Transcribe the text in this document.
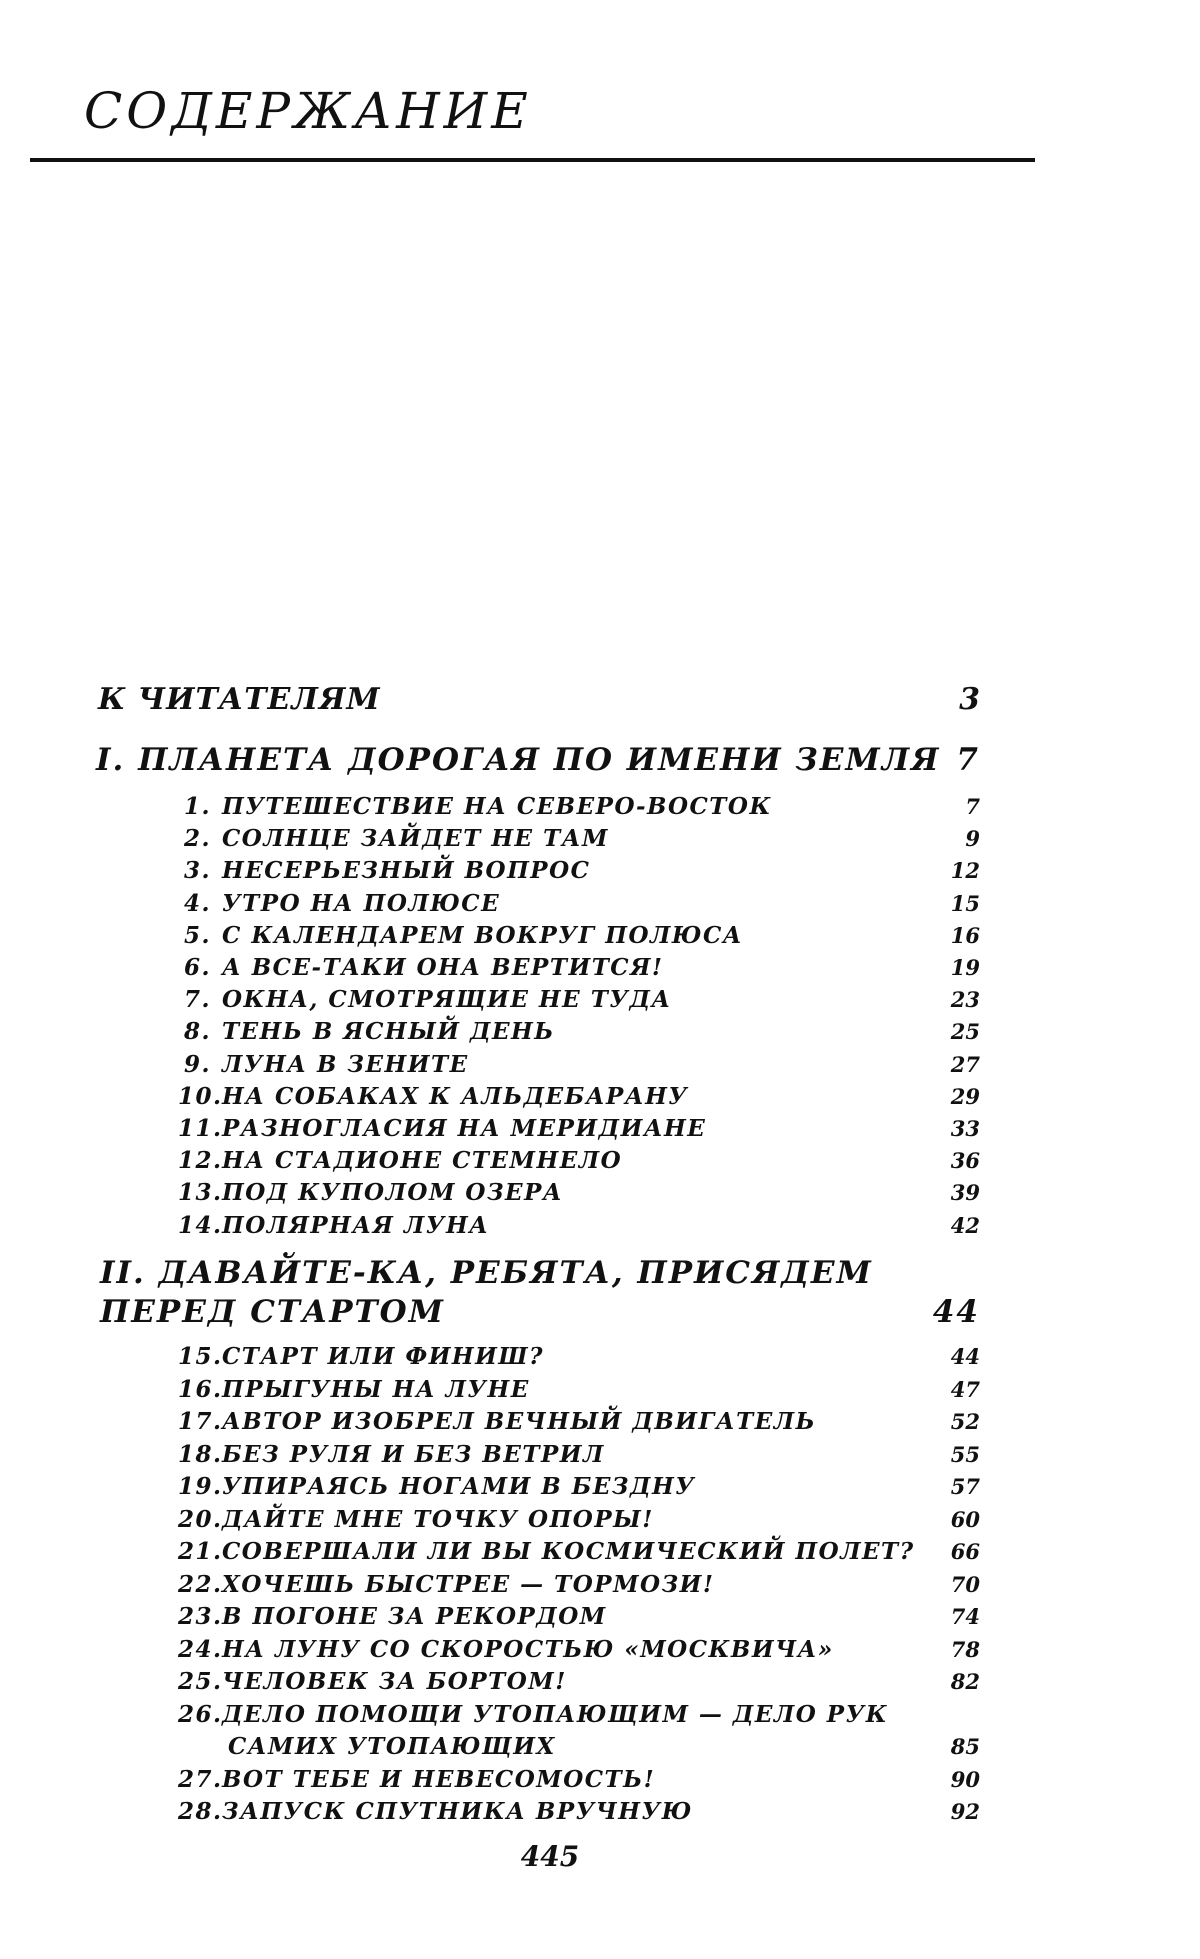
СОДЕРЖАНИЕ
К ЧИТАТЕЛЯМ	3
I. ПЛАНЕТА ДОРОГАЯ ПО ИМЕНИ ЗЕМЛЯ 7
1. ПУТЕШЕСТВИЕ НА СЕВЕРО-ВОСТОК	7
2. СОЛНЦЕ ЗАЙДЕТ НЕ ТАМ	9
3. НЕСЕРЬЕЗНЫЙ ВОПРОС	12
4. УТРО НА ПОЛЮСЕ	15
5. С КАЛЕНДАРЕМ ВОКРУГ ПОЛЮСА	16
6. А ВСЕ-ТАКИ ОНА ВЕРТИТСЯ!	19
7. ОКНА, СМОТРЯЩИЕ НЕ ТУДА	23
8. ТЕНЬ В ЯСНЫЙ ДЕНЬ	25
9. ЛУНА В ЗЕНИТЕ	27
10. НА СОБАКАХ К АЛЬДЕБАРАНУ	29
11. РАЗНОГЛАСИЯ НА МЕРИДИАНЕ	33
12. НА СТАДИОНЕ СТЕМНЕЛО	36
13. ПОД КУПОЛОМ ОЗЕРА	39
14. ПОЛЯРНАЯ ЛУНА	42
II. ДАВАЙТЕ-КА, РЕБЯТА, ПРИСЯДЕМ
ПЕРЕД СТАРТОМ	44
15. СТАРТ ИЛИ ФИНИШ?	44
16. ПРЫГУНЫ НА ЛУНЕ	47
17. АВТОР ИЗОБРЕЛ ВЕЧНЫЙ ДВИГАТЕЛЬ	52
18. БЕЗ РУЛЯ И БЕЗ ВЕТРИЛ	55
19. УПИРАЯСЬ НОГАМИ В БЕЗДНУ	57
20. ДАЙТЕ МНЕ ТОЧКУ ОПОРЫ!	60
21. СОВЕРШАЛИ ЛИ ВЫ КОСМИЧЕСКИЙ ПОЛЕТ?	66
22. ХОЧЕШЬ БЫСТРЕЕ — ТОРМОЗИ!	70
23. В ПОГОНЕ ЗА РЕКОРДОМ	74
24. НА ЛУНУ СО СКОРОСТЬЮ «МОСКВИЧА»	78
25. ЧЕЛОВЕК ЗА БОРТОМ!	82
26. ДЕЛО ПОМОЩИ УТОПАЮЩИМ — ДЕЛО РУК
САМИХ УТОПАЮЩИХ	85
27. ВОТ ТЕБЕ И НЕВЕСОМОСТЬ!	90
28. ЗАПУСК СПУТНИКА ВРУЧНУЮ	92
445
